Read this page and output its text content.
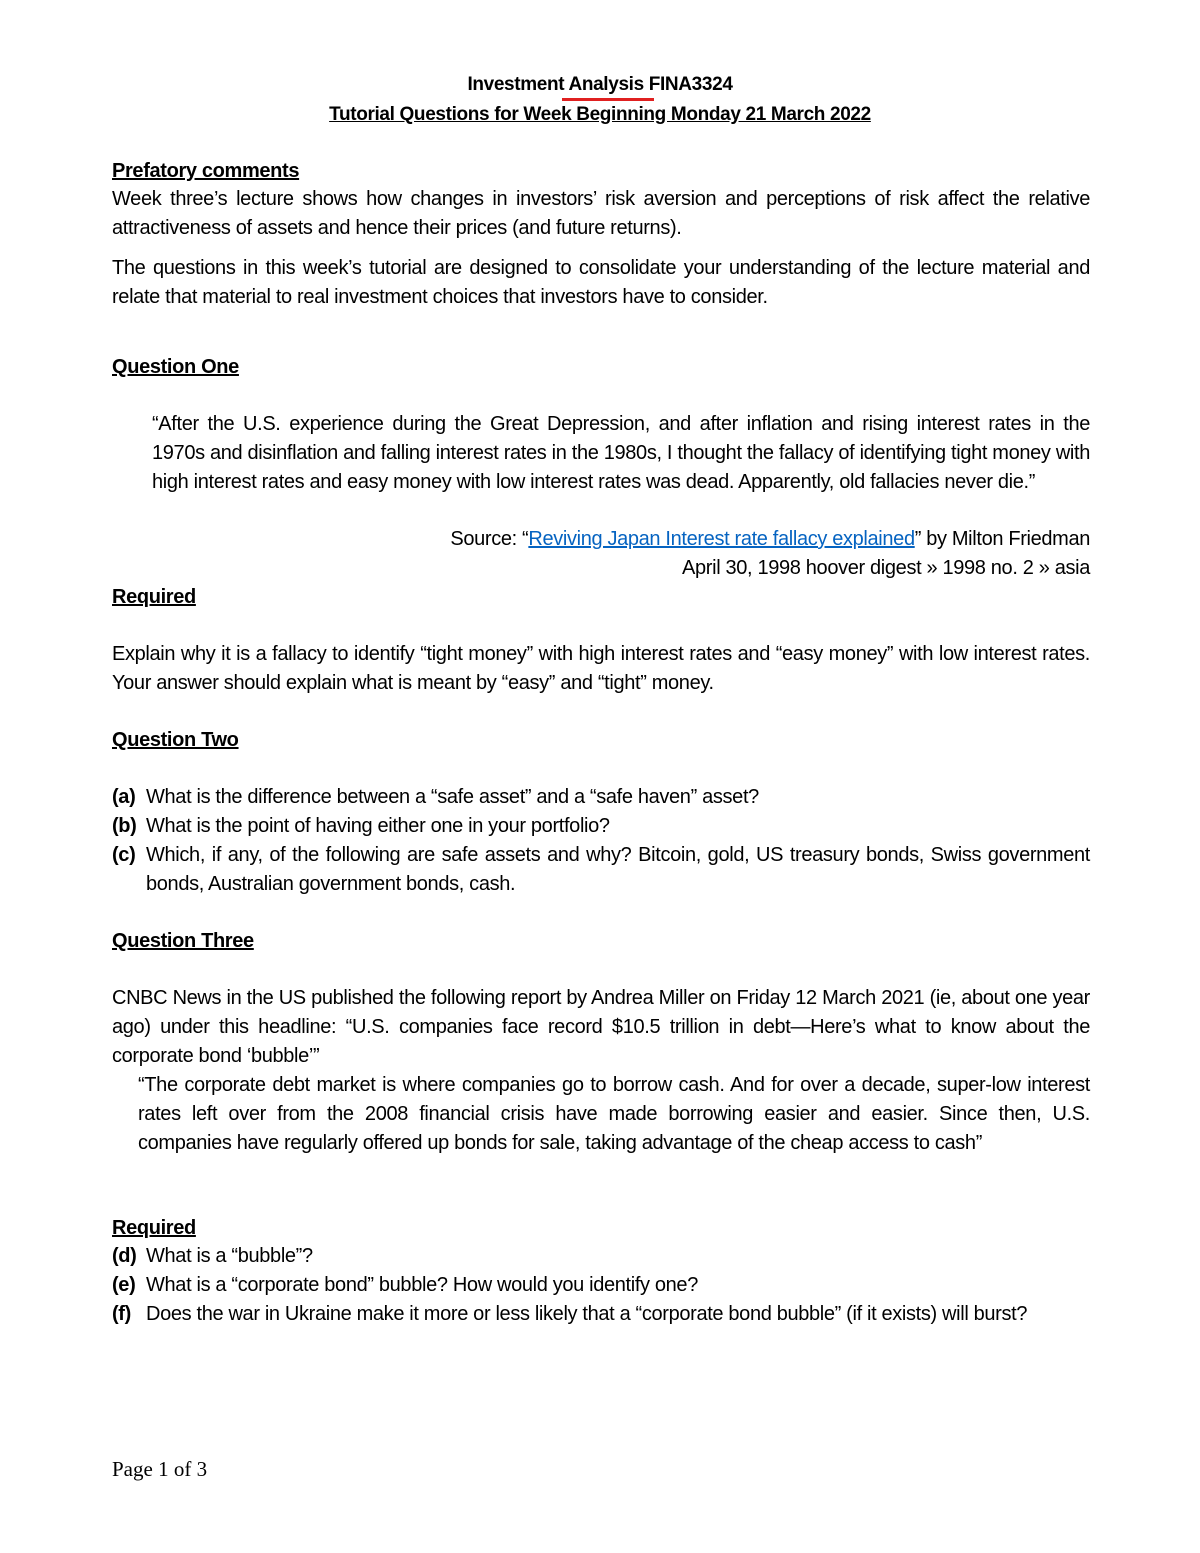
Investment Analysis FINA3324
Tutorial Questions for Week Beginning Monday 21 March 2022
Prefatory comments
Week three’s lecture shows how changes in investors’ risk aversion and perceptions of risk affect the relative attractiveness of assets and hence their prices (and future returns).
The questions in this week’s tutorial are designed to consolidate your understanding of the lecture material and relate that material to real investment choices that investors have to consider.
Question One
“After the U.S. experience during the Great Depression, and after inflation and rising interest rates in the 1970s and disinflation and falling interest rates in the 1980s, I thought the fallacy of identifying tight money with high interest rates and easy money with low interest rates was dead. Apparently, old fallacies never die.”
Source: “Reviving Japan Interest rate fallacy explained” by Milton Friedman
April 30, 1998 hoover digest » 1998 no. 2 » asia
Required
Explain why it is a fallacy to identify “tight money” with high interest rates and “easy money” with low interest rates. Your answer should explain what is meant by “easy” and “tight” money.
Question Two
(a) What is the difference between a “safe asset” and a “safe haven” asset?
(b) What is the point of having either one in your portfolio?
(c) Which, if any, of the following are safe assets and why? Bitcoin, gold, US treasury bonds, Swiss government bonds, Australian government bonds, cash.
Question Three
CNBC News in the US published the following report by Andrea Miller on Friday 12 March 2021 (ie, about one year ago) under this headline: “U.S. companies face record $10.5 trillion in debt—Here’s what to know about the corporate bond ‘bubble’”
“The corporate debt market is where companies go to borrow cash. And for over a decade, super-low interest rates left over from the 2008 financial crisis have made borrowing easier and easier. Since then, U.S. companies have regularly offered up bonds for sale, taking advantage of the cheap access to cash”
Required
(d) What is a “bubble”?
(e) What is a “corporate bond” bubble? How would you identify one?
(f) Does the war in Ukraine make it more or less likely that a “corporate bond bubble” (if it exists) will burst?
Page 1 of 3
